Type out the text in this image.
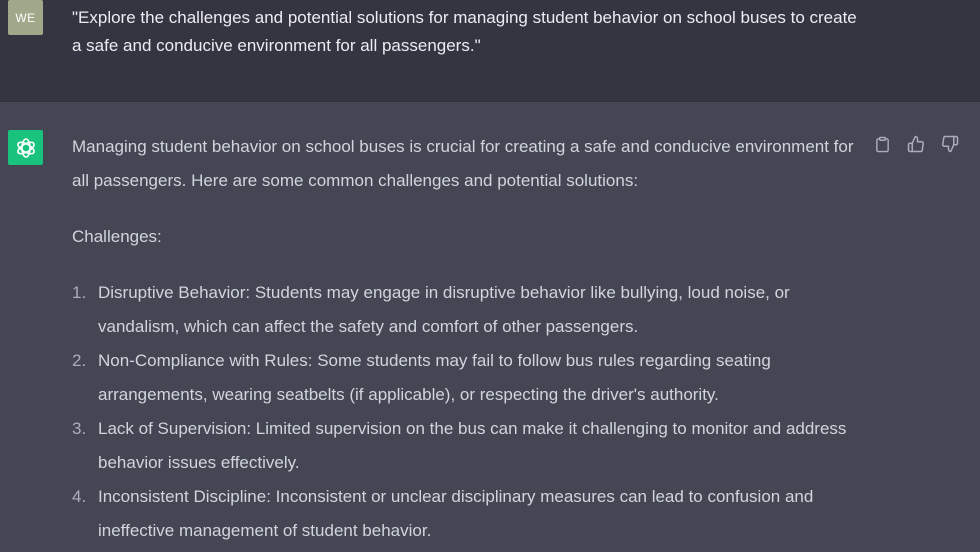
WE	"Explore the challenges and potential solutions for managing student behavior on school buses to create a safe and conducive environment for all passengers."

Managing student behavior on school buses is crucial for creating a safe and conducive environment for all passengers. Here are some common challenges and potential solutions:

Challenges:

1. Disruptive Behavior: Students may engage in disruptive behavior like bullying, loud noise, or vandalism, which can affect the safety and comfort of other passengers.
2. Non-Compliance with Rules: Some students may fail to follow bus rules regarding seating arrangements, wearing seatbelts (if applicable), or respecting the driver's authority.
3. Lack of Supervision: Limited supervision on the bus can make it challenging to monitor and address behavior issues effectively.
4. Inconsistent Discipline: Inconsistent or unclear disciplinary measures can lead to confusion and ineffective management of student behavior.
